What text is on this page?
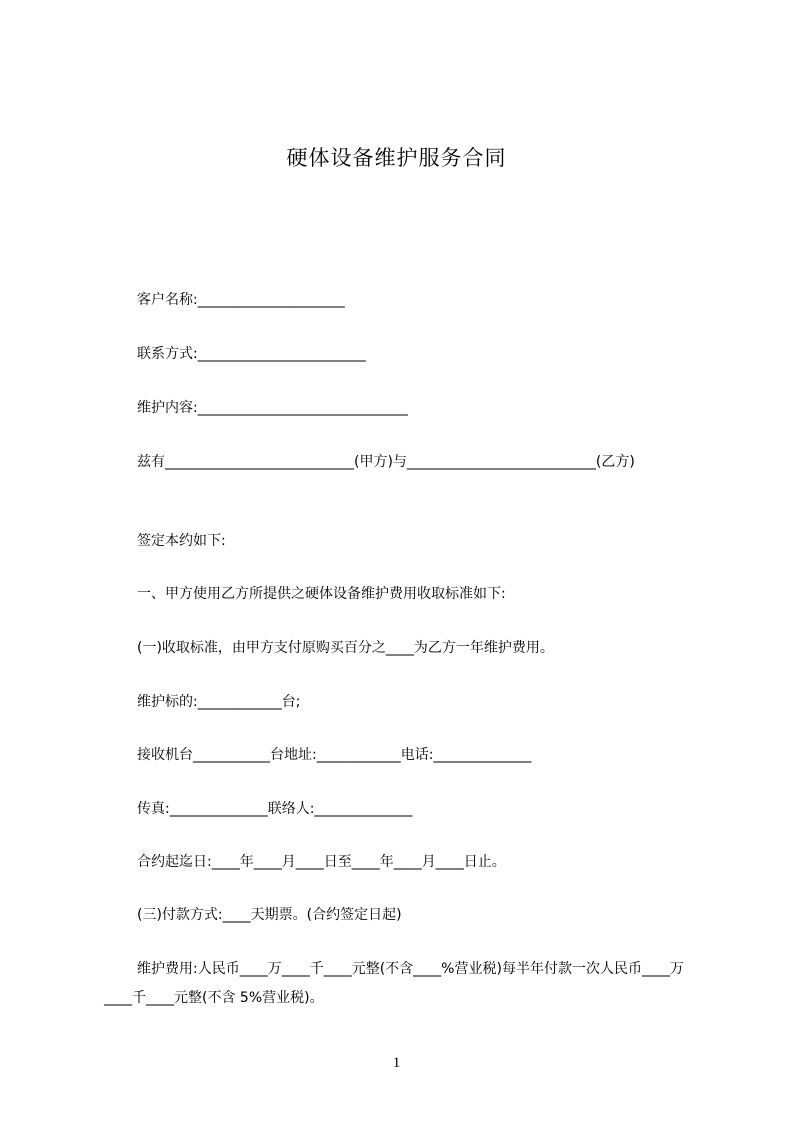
硬体设备维护服务合同
客户名称:_____________________
联系方式:________________________
维护内容:______________________________
兹有___________________________(甲方)与___________________________(乙方)
签定本约如下:
一、甲方使用乙方所提供之硬体设备维护费用收取标准如下:
(一)收取标准，由甲方支付原购买百分之____为乙方一年维护费用。
维护标的:____________台;
接收机台___________台地址:____________电话:______________
传真:______________联络人:______________
合约起迄日:____年____月____日至____年____月____日止。
(三)付款方式:____天期票。(合约签定日起)
维护费用:人民币____万____千____元整(不含____%营业税)每半年付款一次人民币____万____千____元整(不含 5%营业税)。
1
